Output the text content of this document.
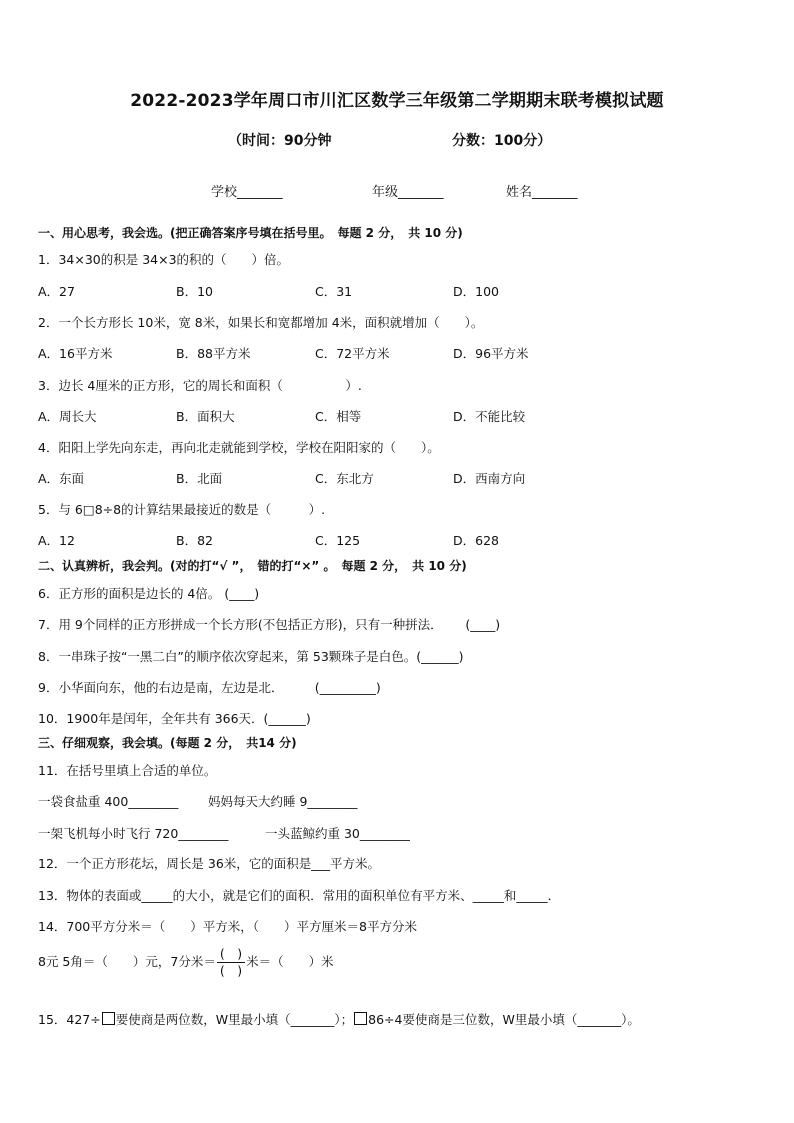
2022-2023学年周口市川汇区数学三年级第二学期期末联考模拟试题
（时间：90分钟	分数：100分）
学校_______	年级_______	姓名_______
一、用心思考，我会选。(把正确答案序号填在括号里。　每题 2 分，　共 10 分)
1．34×30的积是 34×3的积的（　　）倍。
A．27	B．10	C．31	D．100
2．一个长方形长 10米，宽 8米，如果长和宽都增加 4米，面积就增加（　　）。
A．16平方米	B．88平方米	C．72平方米	D．96平方米
3．边长 4厘米的正方形，它的周长和面积（　　　　　）.
A．周长大	B．面积大	C．相等	D．不能比较
4．阳阳上学先向东走，再向北走就能到学校，学校在阳阳家的（　　）。
A．东面	B．北面	C．东北方	D．西南方向
5．与 6□8÷8的计算结果最接近的数是（　　　）.
A．12	B．82	C．125	D．628
二、认真辨析，我会判。(对的打“√ ”，　错的打“×” 。　每题 2 分，　共 10 分)
6．正方形的面积是边长的 4倍。 (____)
7．用 9个同样的正方形拼成一个长方形(不包括正方形)，只有一种拼法．　　 (____)
8．一串珠子按“一黑二白”的顺序依次穿起来，第 53颗珠子是白色。(______)
9．小华面向东，他的右边是南，左边是北．　　　(_________)
10．1900年是闰年，全年共有 366天．(______)
三、仔细观察，我会填。(每题 2 分，　共14 分)
11．在括号里填上合适的单位。
一袋食盐重 400________ 妈妈每天大约睡 9________
一架飞机每小时飞行 720________	一头蓝鲸约重 30________
12．一个正方形花坛，周长是 36米，它的面积是___平方米。
13．物体的表面或_____的大小，就是它们的面积．常用的面积单位有平方米、_____和_____．
14．700平方分米＝（　　）平方米，（　　）平方厘米＝8平方分米
8元 5角＝（　　）元，7分米＝ $\frac{( )}{( )}$ 米＝（　　）米
15．427÷ 要使商是两位数，W里最小填（_______）； 86÷4要使商是三位数，W里最小填（_______）。
